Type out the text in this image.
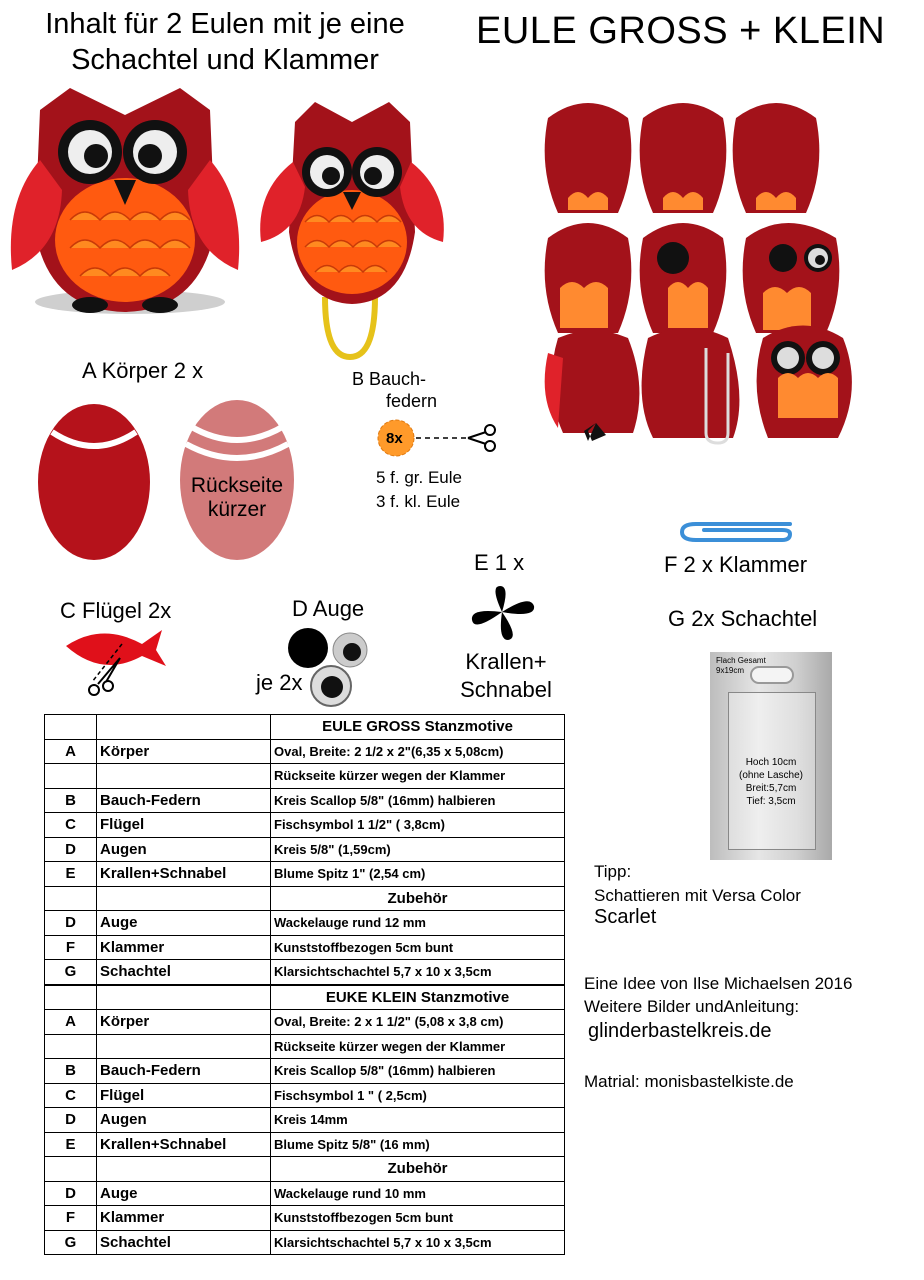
Inhalt für 2 Eulen mit je eine
Schachtel und Klammer
EULE GROSS + KLEIN
A Körper 2 x
Rückseite
kürzer
B Bauch-
federn
8x
5 f. gr. Eule
3 f. kl. Eule
C Flügel 2x	D Auge
je 2x
E 1 x
Krallen+
Schnabel
F 2 x Klammer
G 2x Schachtel
Flach Gesamt
9x19cm
Hoch 10cm
(ohne Lasche)
Breit:5,7cm
Tief: 3,5cm
		EULE GROSS Stanzmotive
A	Körper	Oval, Breite: 2 1/2 x 2"(6,35 x 5,08cm)
		Rückseite kürzer wegen der Klammer
B	Bauch-Federn	Kreis Scallop 5/8" (16mm) halbieren
C	Flügel	Fischsymbol 1 1/2" ( 3,8cm)
D	Augen	Kreis 5/8" (1,59cm)
E	Krallen+Schnabel	Blume Spitz 1" (2,54 cm)
		Zubehör
D	Auge	Wackelauge rund 12 mm
F	Klammer	Kunststoffbezogen 5cm bunt
G	Schachtel	Klarsichtschachtel 5,7 x 10 x 3,5cm
		EUKE KLEIN Stanzmotive
A	Körper	Oval, Breite: 2 x 1 1/2" (5,08 x 3,8 cm)
		Rückseite kürzer wegen der Klammer
B	Bauch-Federn	Kreis Scallop 5/8" (16mm) halbieren
C	Flügel	Fischsymbol 1 " ( 2,5cm)
D	Augen	Kreis 14mm
E	Krallen+Schnabel	Blume Spitz 5/8" (16 mm)
		Zubehör
D	Auge	Wackelauge rund 10 mm
F	Klammer	Kunststoffbezogen 5cm bunt
G	Schachtel	Klarsichtschachtel 5,7 x 10 x 3,5cm
Tipp:
Schattieren mit Versa Color
Scarlet
Eine Idee von Ilse Michaelsen 2016
Weitere Bilder undAnleitung:
glinderbastelkreis.de
Matrial: monisbastelkiste.de
